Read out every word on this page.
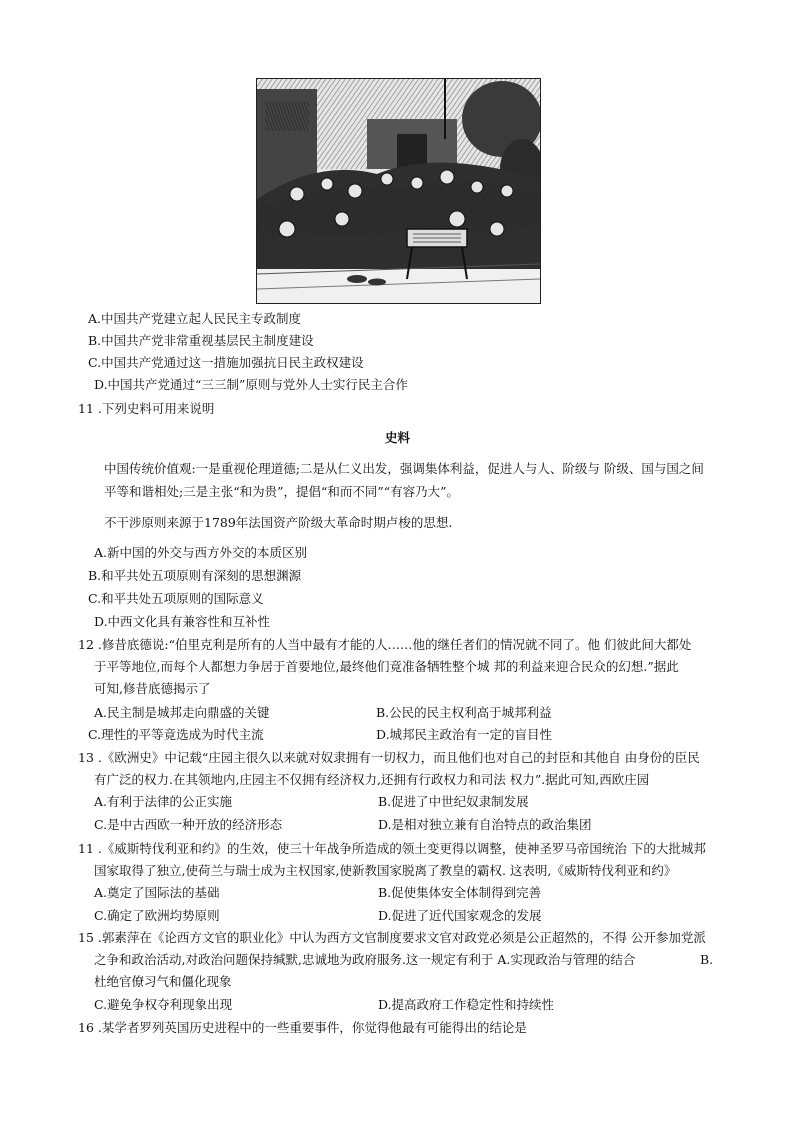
A.中国共产党建立起人民民主专政制度
B.中国共产党非常重视基层民主制度建设
C.中国共产党通过这一措施加强抗日民主政权建设
D.中国共产党通过“三三制”原则与党外人士实行民主合作
11 .下列史料可用来说明
史料
中国传统价值观:一是重视伦理道德;二是从仁义出发，强调集体利益，促进人与人、阶级与 阶级、国与国之间
平等和谐相处;三是主张“和为贵”，提倡“和而不同”“有容乃大”。
不干涉原则来源于1789年法国资产阶级大革命时期卢梭的思想.
A.新中国的外交与西方外交的本质区别
B.和平共处五项原则有深刻的思想渊源
C.和平共处五项原则的国际意义
D.中西文化具有兼容性和互补性
12 .修昔底德说:“伯里克利是所有的人当中最有才能的人……他的继任者们的情况就不同了。他 们彼此间大都处
于平等地位,而每个人都想力争居于首要地位,最终他们竟准备牺牲整个城 邦的利益来迎合民众的幻想.”据此
可知,修昔底德揭示了
A.民主制是城邦走向鼎盛的关键	B.公民的民主权利高于城邦利益
C.理性的平等竟选成为时代主流	D.城邦民主政治有一定的盲目性
13 .《欧洲史》中记载“庄园主很久以来就对奴隶拥有一切权力，而且他们也对自己的封臣和其他自 由身份的臣民
有广泛的权力.在其领地内,庄园主不仅拥有经济权力,还拥有行政权力和司法 权力”.据此可知,西欧庄园
A.有利于法律的公正实施	B.促进了中世纪奴隶制发展
C.是中古西欧一种开放的经济形态	D.是相对独立兼有自治特点的政治集团
11 .《威斯特伐利亚和约》的生效，使三十年战争所造成的领土变更得以调整，使神圣罗马帝国统治 下的大批城邦
国家取得了独立,使荷兰与瑞士成为主权国家,使新教国家脱离了教皇的霸权. 这表明,《威斯特伐利亚和约》
A.奠定了国际法的基础	B.促使集体安全体制得到完善
C.确定了欧洲均势原则	D.促进了近代国家观念的发展
15 .郭素萍在《论西方文官的职业化》中认为西方文官制度要求文官对政党必须是公正超然的，不得 公开参加党派
之争和政治活动,对政治问题保持缄默,忠诚地为政府服务.这一规定有利于 A.实现政治与管理的结合	B.
杜绝官僚习气和僵化现象
C.避免争权夺利现象出现	D.提高政府工作稳定性和持续性
16 .某学者罗列英国历史进程中的一些重要事件，你觉得他最有可能得出的结论是
